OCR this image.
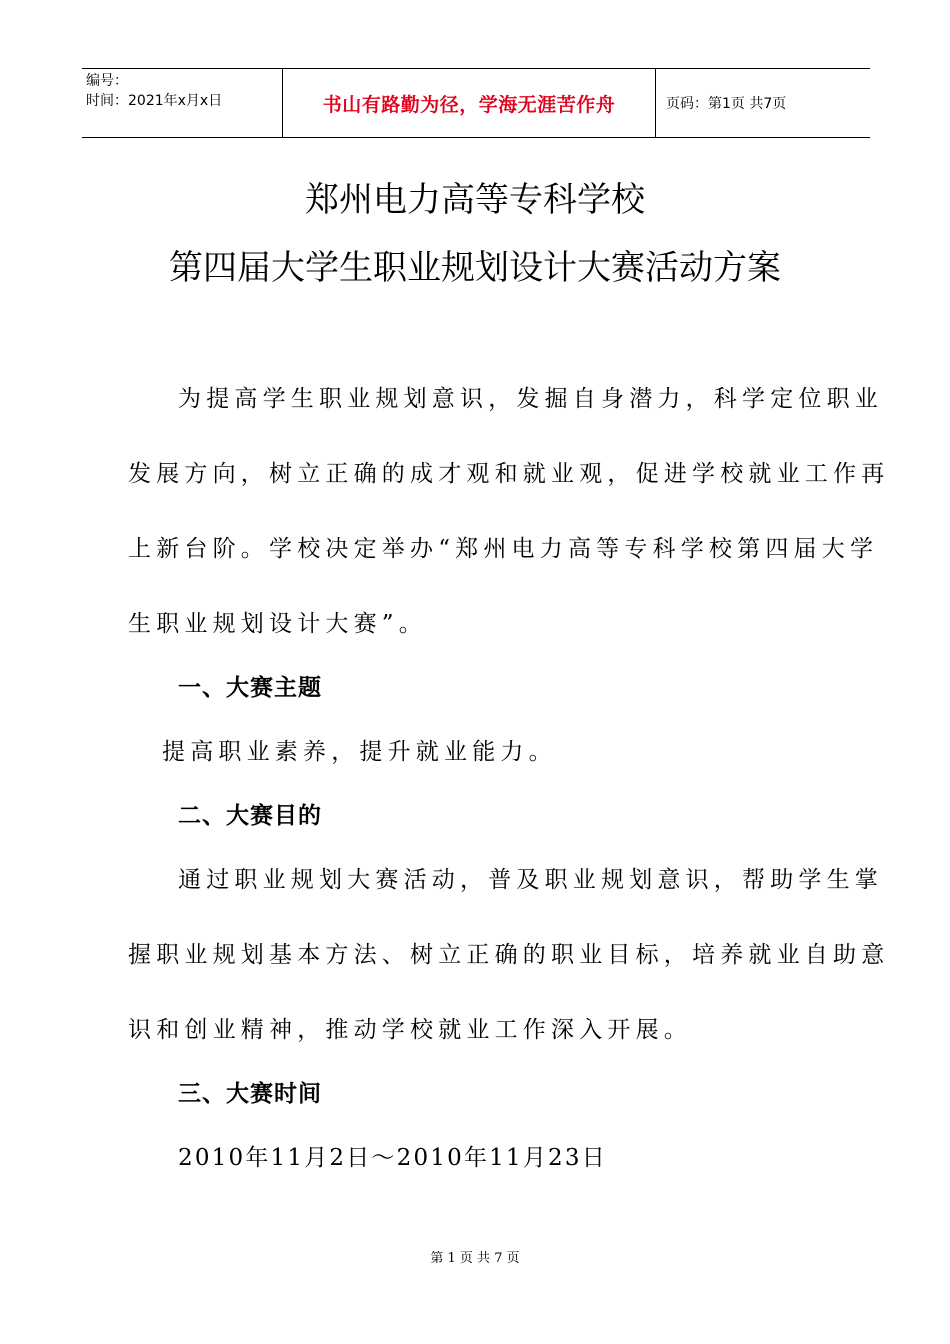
编号：
时间：2021年x月x日	书山有路勤为径，学海无涯苦作舟	页码：第1页 共7页
郑州电力高等专科学校
第四届大学生职业规划设计大赛活动方案
为提高学生职业规划意识，发掘自身潜力，科学定位职业
发展方向，树立正确的成才观和就业观，促进学校就业工作再
上新台阶。学校决定举办“郑州电力高等专科学校第四届大学
生职业规划设计大赛”。
一、大赛主题
提高职业素养，提升就业能力。
二、大赛目的
通过职业规划大赛活动，普及职业规划意识，帮助学生掌
握职业规划基本方法、树立正确的职业目标，培养就业自助意
识和创业精神，推动学校就业工作深入开展。
三、大赛时间
2010年11月2日～2010年11月23日
第 1 页 共 7 页
